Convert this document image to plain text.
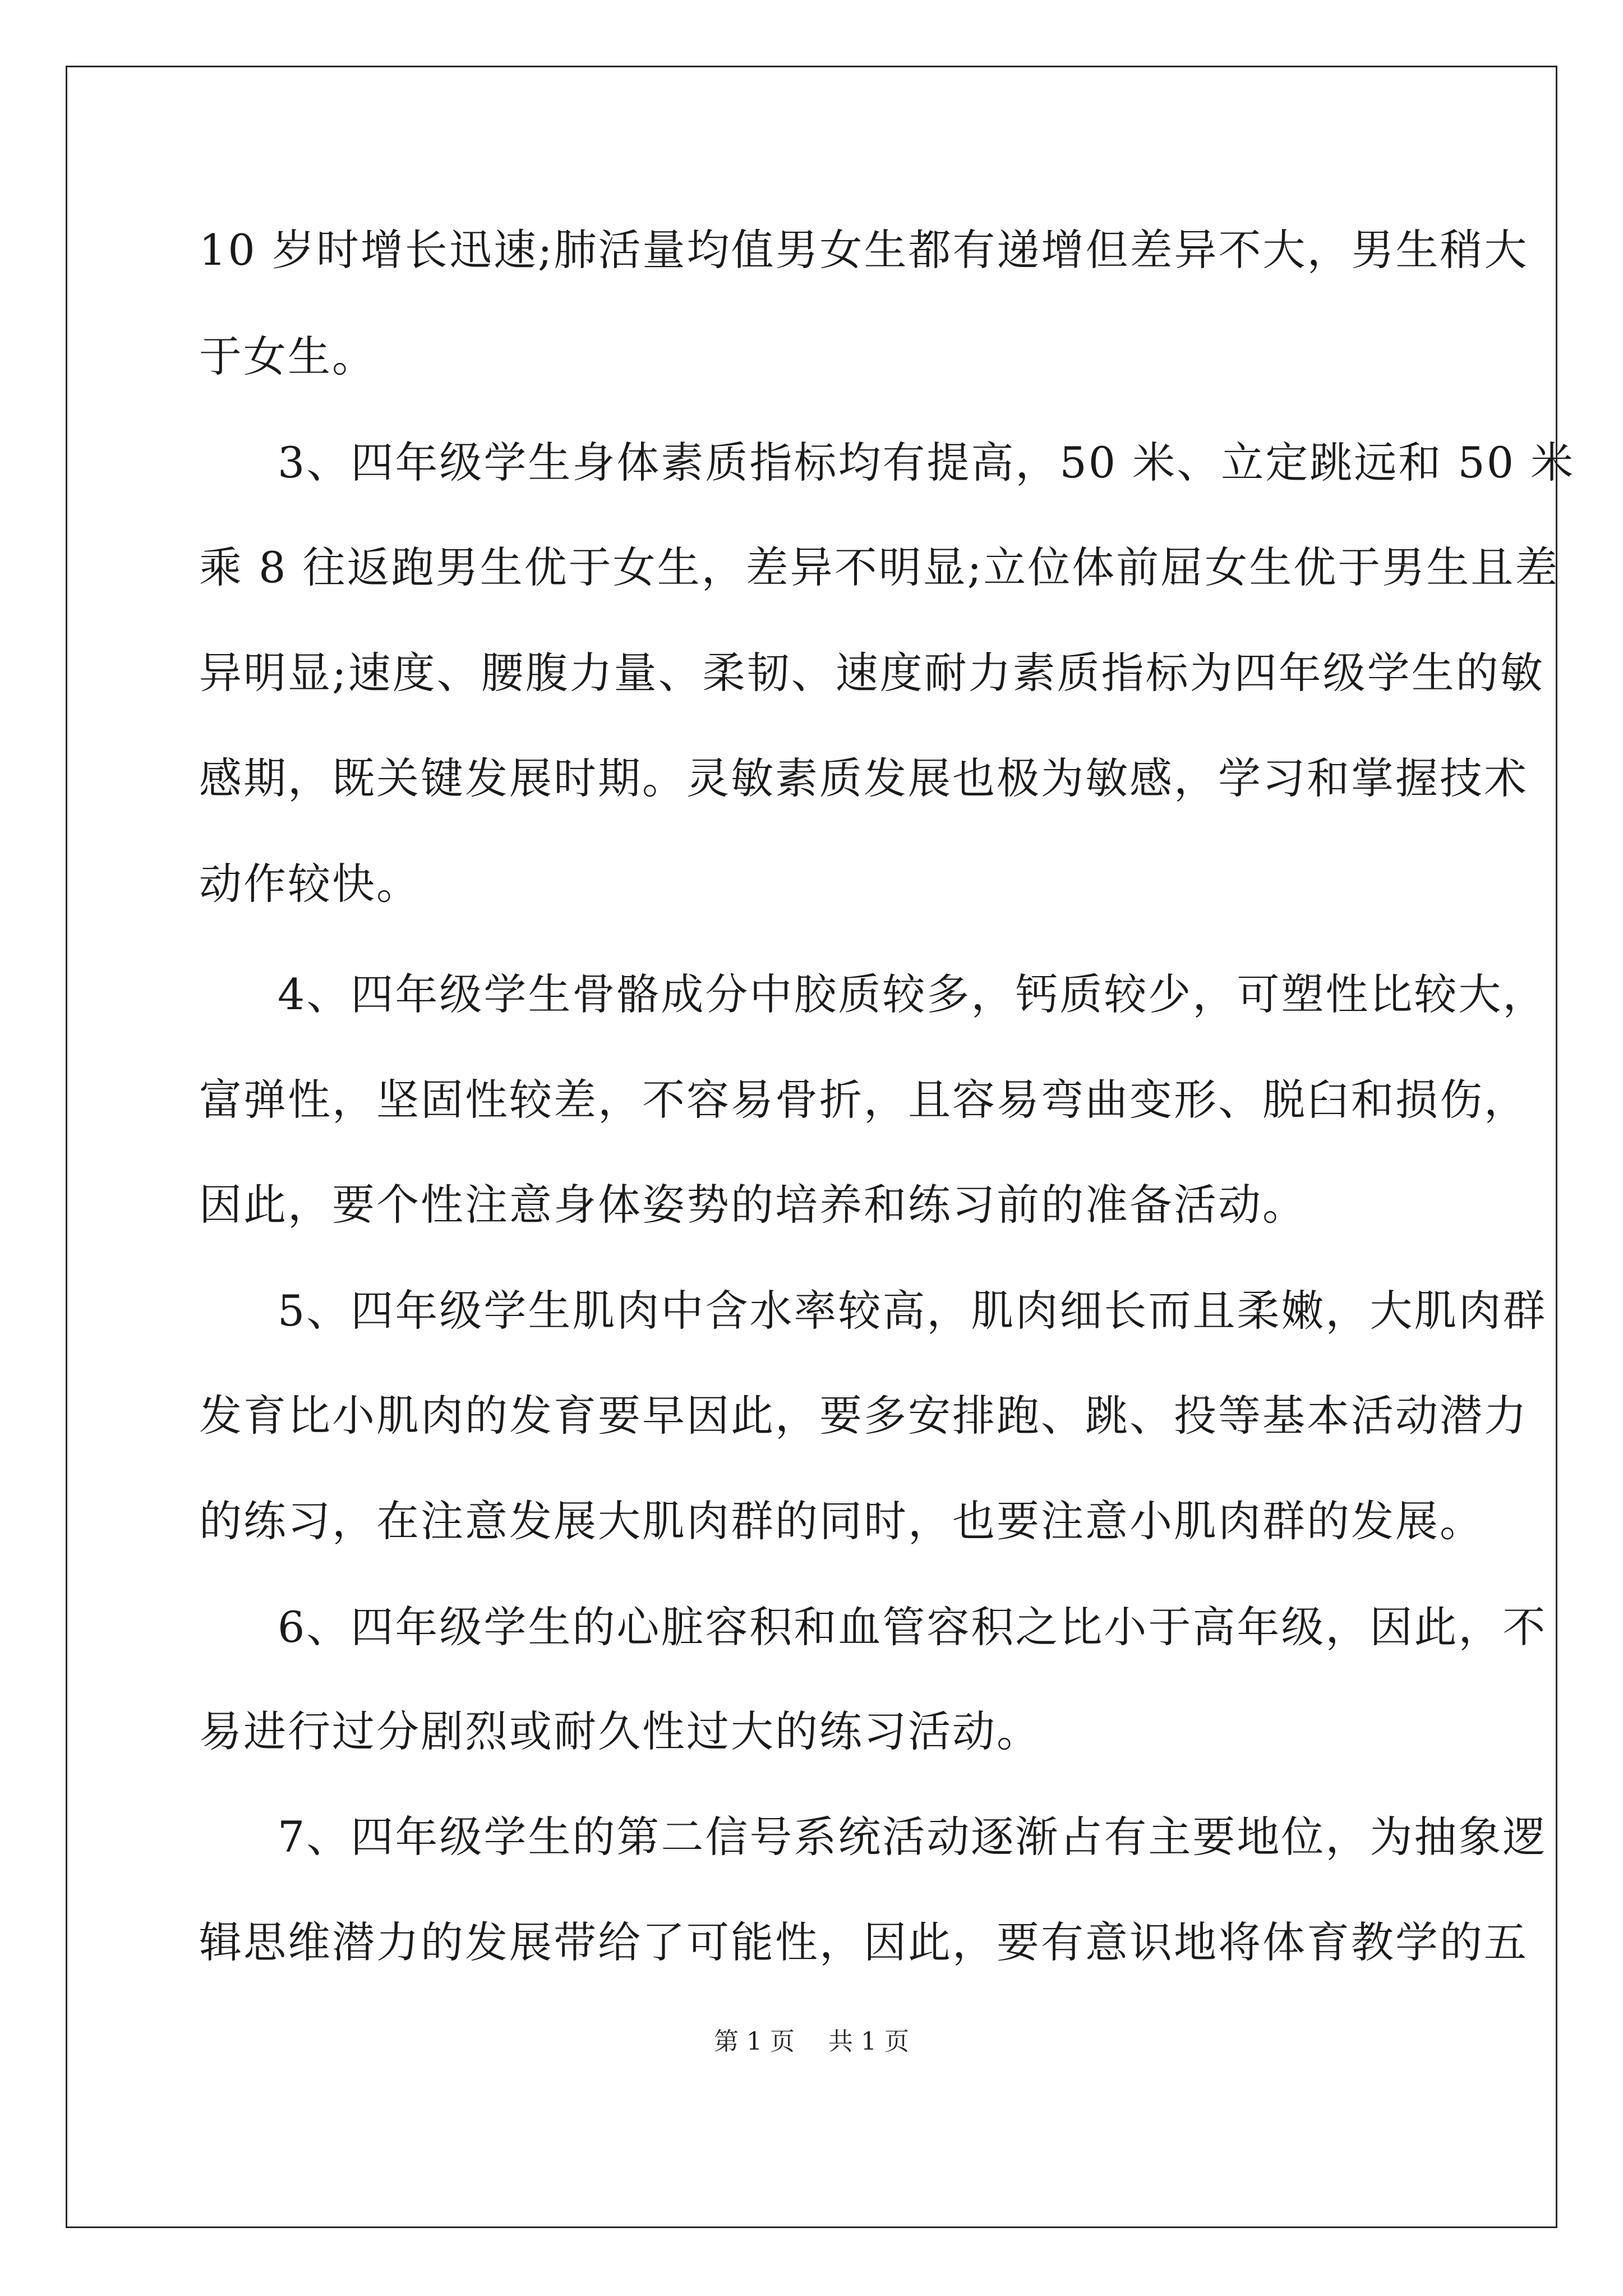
10 岁时增长迅速;肺活量均值男女生都有递增但差异不大，男生稍大

于女生。

3、四年级学生身体素质指标均有提高，50 米、立定跳远和 50 米

乘 8 往返跑男生优于女生，差异不明显;立位体前屈女生优于男生且差

异明显;速度、腰腹力量、柔韧、速度耐力素质指标为四年级学生的敏

感期，既关键发展时期。灵敏素质发展也极为敏感，学习和掌握技术

动作较快。

4、四年级学生骨骼成分中胶质较多，钙质较少，可塑性比较大，

富弹性，坚固性较差，不容易骨折，且容易弯曲变形、脱臼和损伤，

因此，要个性注意身体姿势的培养和练习前的准备活动。

5、四年级学生肌肉中含水率较高，肌肉细长而且柔嫩，大肌肉群

发育比小肌肉的发育要早因此，要多安排跑、跳、投等基本活动潜力

的练习，在注意发展大肌肉群的同时，也要注意小肌肉群的发展。

6、四年级学生的心脏容积和血管容积之比小于高年级，因此，不

易进行过分剧烈或耐久性过大的练习活动。

7、四年级学生的第二信号系统活动逐渐占有主要地位，为抽象逻

辑思维潜力的发展带给了可能性，因此，要有意识地将体育教学的五

第 1 页 共 1 页
